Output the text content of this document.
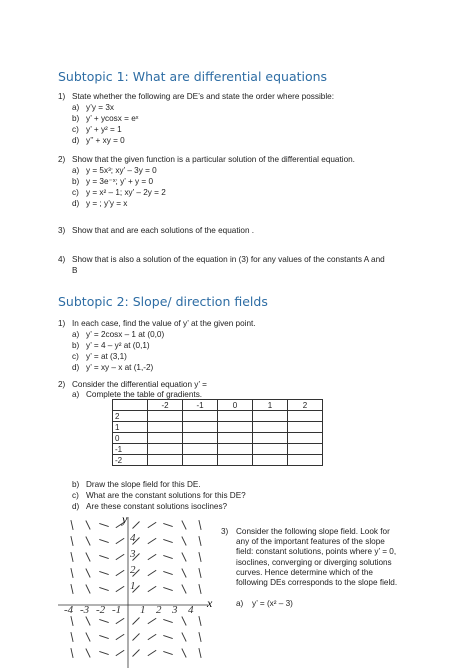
Subtopic 1: What are differential equations
1) State whether the following are DE’s and state the order where possible:
a) y’y = 3x
b) y’ + ycosx = eˣ
c) y’ + y² = 1
d) y’’ + xy = 0
2) Show that the given function is a particular solution of the differential equation.
a) y = 5x³; xy’ – 3y = 0
b) y = 3e⁻ˣ; y’ + y = 0
c) y = x² – 1; xy’ – 2y = 2
d) y = ; y’y = x
3) Show that and are each solutions of the equation .
4) Show that is also a solution of the equation in (3) for any values of the constants A and
B
Subtopic 2: Slope/ direction fields
1) In each case, find the value of y’ at the given point.
a) y’ = 2cosx – 1 at (0,0)
b) y’ = 4 – y² at (0,1)
c) y’ = at (3,1)
d) y’ = xy – x at (1,-2)
2) Consider the differential equation y’ =
a) Complete the table of gradients.
	-2	-1	0	1	2
2					
1					
0					
-1					
-2					
b) Draw the slope field for this DE.
c) What are the constant solutions for this DE?
d) Are these constant solutions isoclines?
y
x
-4 -3 -2 -1 1 2 3 4
4
3
2
1
3) Consider the following slope field. Look for
any of the important features of the slope
field: constant solutions, points where y’ = 0,
isoclines, converging or diverging solutions
curves. Hence determine which of the
following DEs corresponds to the slope field.
a) y’ = (x² – 3)
